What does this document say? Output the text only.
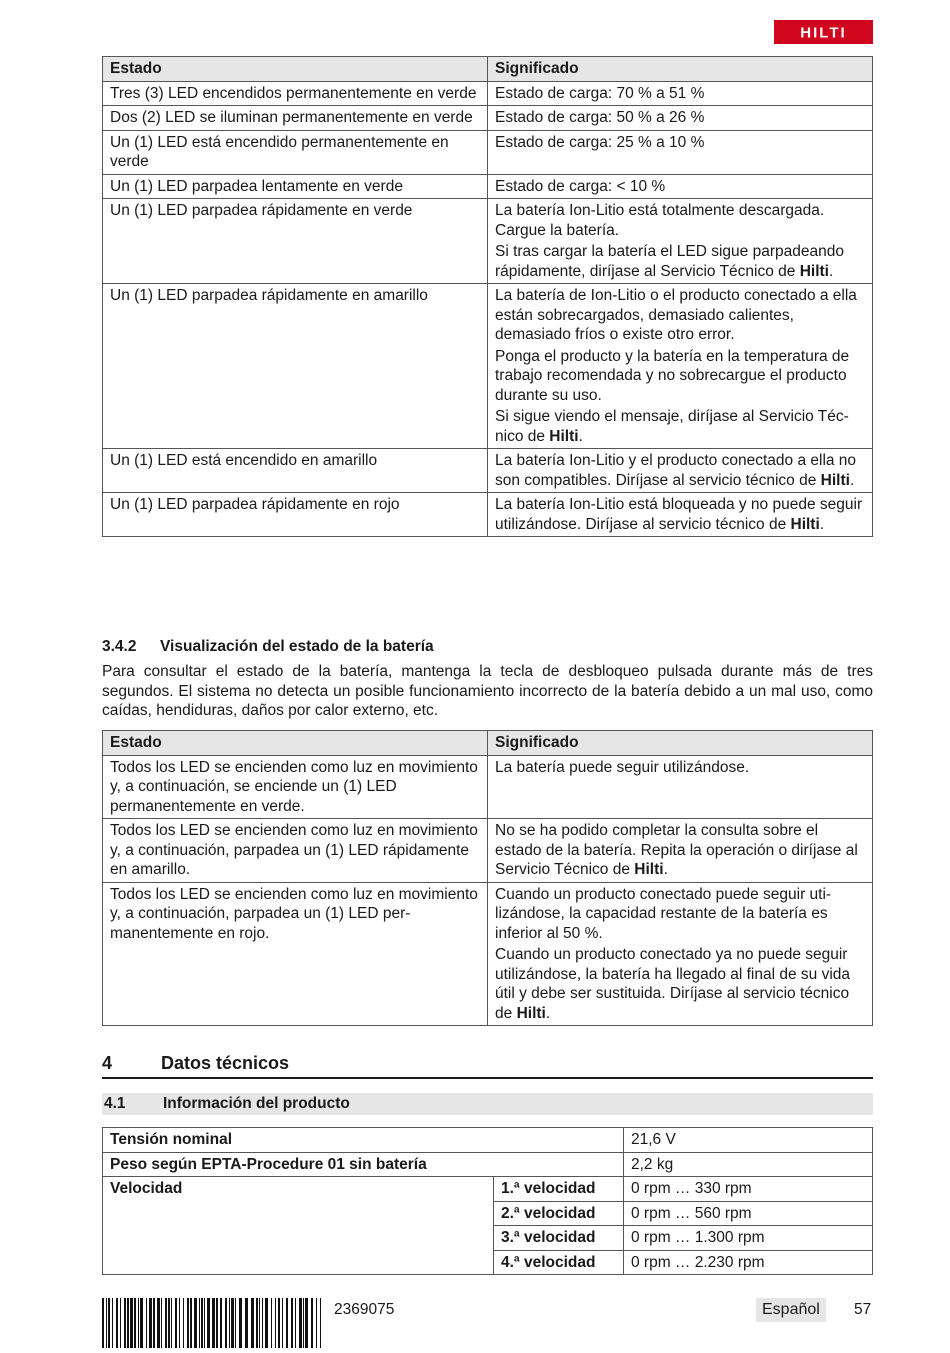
HILTI
Estado	Significado
Tres (3) LED encendidos permanentemente en verde	Estado de carga: 70 % a 51 %

Dos (2) LED se iluminan permanentemente en verde	Estado de carga: 50 % a 26 %

Un (1) LED está encendido permanentemente en verde	Estado de carga: 25 % a 10 %

Un (1) LED parpadea lentamente en verde	Estado de carga: < 10 %

Un (1) LED parpadea rápidamente en verde	La batería Ion-Litio está totalmente descargada. Cargue la batería.

Si tras cargar la batería el LED sigue parpadeando rápidamente, diríjase al Servicio Técnico de Hilti.

Un (1) LED parpadea rápidamente en amarillo	La batería de Ion-Litio o el producto conectado a ella están sobrecargados, demasiado calientes, demasiado fríos o existe otro error.

Ponga el producto y la batería en la temperatura de trabajo recomendada y no sobrecargue el producto durante su uso.

Si sigue viendo el mensaje, diríjase al Servicio Técnico de Hilti.

Un (1) LED está encendido en amarillo	La batería Ion-Litio y el producto conectado a ella no son compatibles. Diríjase al servicio técnico de Hilti.

Un (1) LED parpadea rápidamente en rojo	La batería Ion-Litio está bloqueada y no puede seguir utilizándose. Diríjase al servicio técnico de Hilti.

3.4.2	Visualización del estado de la batería

Para consultar el estado de la batería, mantenga la tecla de desbloqueo pulsada durante más de tres segundos. El sistema no detecta un posible funcionamiento incorrecto de la batería debido a un mal uso, como caídas, hendiduras, daños por calor externo, etc.

Estado	Significado
Todos los LED se encienden como luz en movimiento y, a continuación, se enciende un (1) LED permanentemente en verde.	La batería puede seguir utilizándose.

Todos los LED se encienden como luz en movimiento y, a continuación, parpadea un (1) LED rápidamente en amarillo.	No se ha podido completar la consulta sobre el estado de la batería. Repita la operación o diríjase al Servicio Técnico de Hilti.

Todos los LED se encienden como luz en movimiento y, a continuación, parpadea un (1) LED permanentemente en rojo.	Cuando un producto conectado puede seguir utilizándose, la capacidad restante de la batería es inferior al 50 %.

Cuando un producto conectado ya no puede seguir utilizándose, la batería ha llegado al final de su vida útil y debe ser sustituida. Diríjase al servicio técnico de Hilti.

4	Datos técnicos
4.1	Información del producto
Tensión nominal		21,6 V
Peso según EPTA-Procedure 01 sin batería		2,2 kg
Velocidad	1.ª velocidad	0 rpm … 330 rpm
	2.ª velocidad	0 rpm … 560 rpm
	3.ª velocidad	0 rpm … 1.300 rpm
	4.ª velocidad	0 rpm … 2.230 rpm
2369075	Español	57
